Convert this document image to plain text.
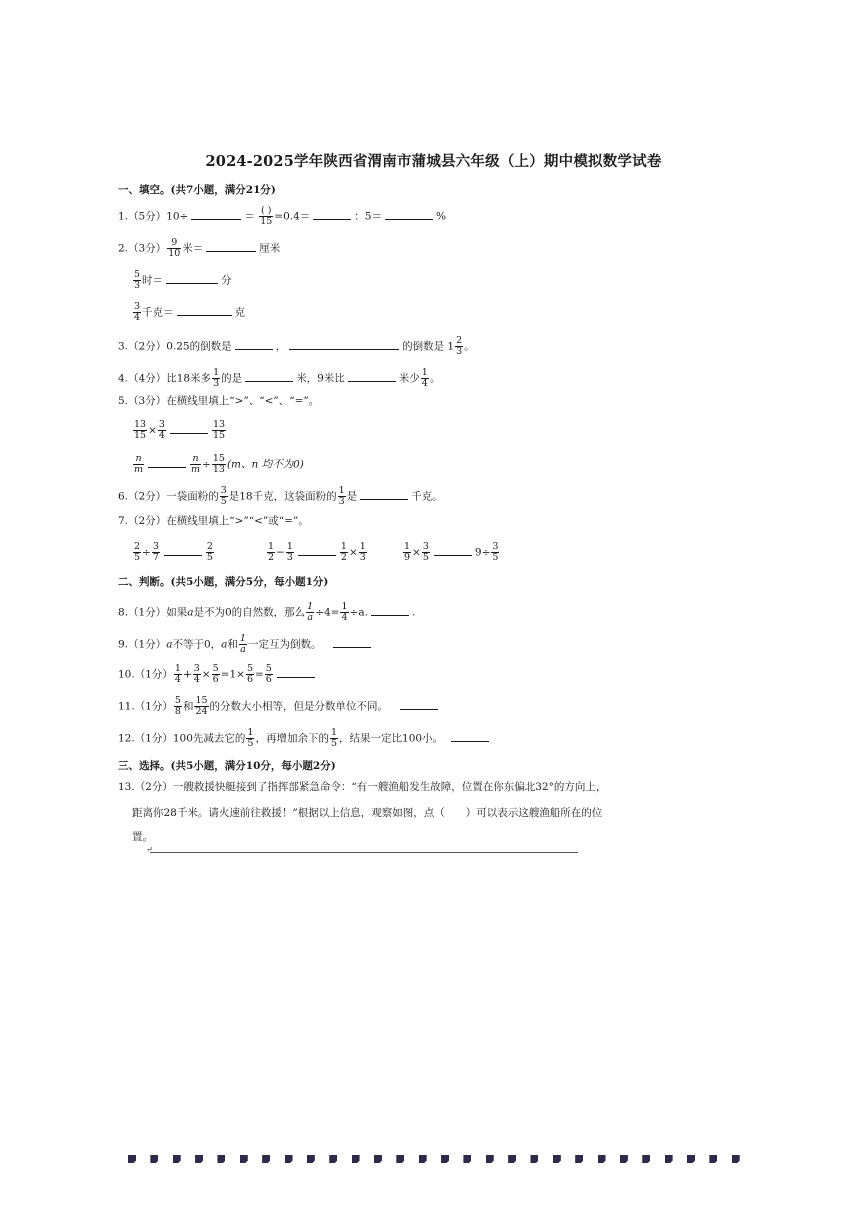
2024-2025学年陕西省渭南市蒲城县六年级（上）期中模拟数学试卷
一、填空。(共7小题，满分21分)
1.（5分）10÷	＝ $\frac{( )}{15} =0.4=$	：5＝	%
2.（3分） $\frac{9}{10}$ 米＝	厘米
$\frac{5}{3}$ 时＝	分
$\frac{3}{4}$ 千克＝	克
3.（2分）0.25的倒数是	，	的倒数是 $1 \frac{2}{3}$ 。
4.（4分）比18米多 $\frac{1}{3}$ 的是	米，9米比	米少 $\frac{1}{4}$ 。
5.（3分）在横线里填上“>”、“<”、“=”。
$\frac{13}{15} \times \frac{3}{4}$	$\frac{13}{15}$
$\frac{n}{m}$	$\frac{n}{m} \div \frac{15}{13} (m$、n 均不为0)
6.（2分）一袋面粉的 $\frac{3}{5}$ 是18千克，这袋面粉的 $\frac{1}{3}$ 是	千克。
7.（2分）在横线里填上“>”“<”或“=”。
$\frac{2}{5} \div \frac{3}{7}$	$\frac{2}{5}$	$\frac{1}{2} - \frac{1}{3}$	$\frac{1}{2} \times \frac{1}{3}$	$\frac{1}{9} \times \frac{3}{5}$	$9\div \frac{3}{5}$
二、判断。(共5小题，满分5分，每小题1分)
8.（1分）如果a是不为0的自然数，那么 $\frac{1}{a} \div 4= \frac{1}{4} \div a$.	.
9.（1分）a不等于0，a和 $\frac{1}{a}$ 一定互为倒数。
10.（1分） $\frac{1}{4} + \frac{3}{4} \times \frac{5}{6} =1\times \frac{5}{6} = \frac{5}{6}$
11.（1分） $\frac{5}{8}$ 和 $\frac{15}{24}$ 的分数大小相等，但是分数单位不同。
12.（1分）100先减去它的 $\frac{1}{5}$ ，再增加余下的 $\frac{1}{5}$ ，结果一定比100小。
三、选择。(共5小题，满分10分，每小题2分)
13.（2分）一艘救援快艇接到了指挥部紧急命令：“有一艘渔船发生故障，位置在你东偏北32°的方向上，
距离你28千米。请火速前往救援！”根据以上信息，观察如图，点（　　）可以表示这艘渔船所在的位
置。
↵
